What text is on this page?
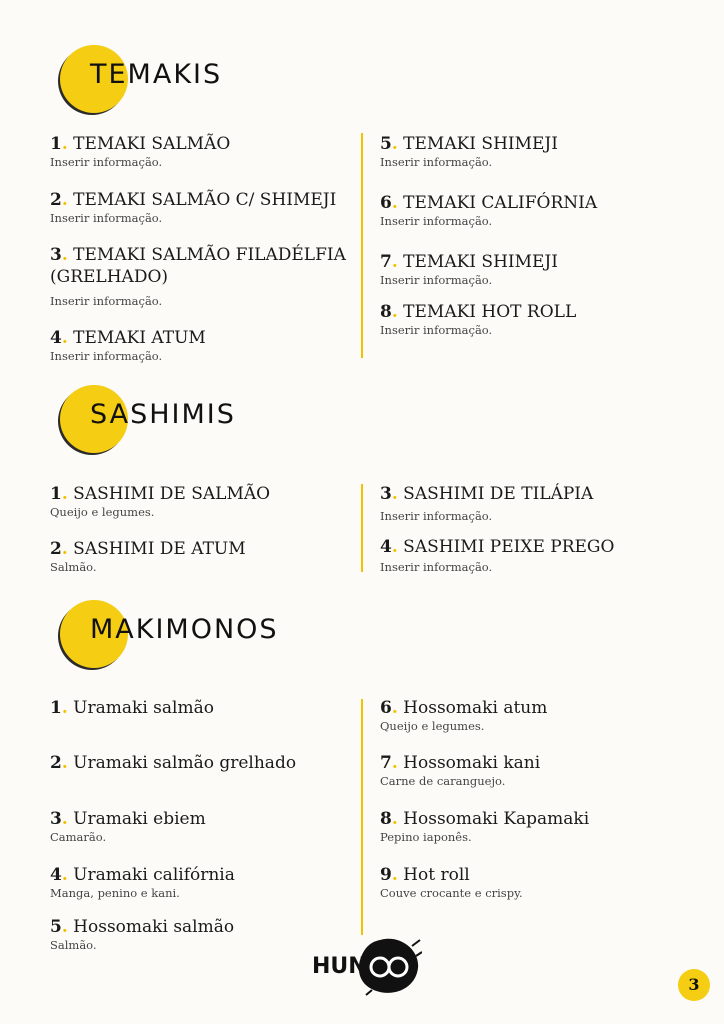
TEMAKIS

1. TEMAKI SALMÃO

Inserir informação.

2. TEMAKI SALMÃO C/ SHIMEJI

Inserir informação.

3. TEMAKI SALMÃO FILADÉLFIA (GRELHADO)

Inserir informação.

4. TEMAKI ATUM

Inserir informação.

5. TEMAKI SHIMEJI

Inserir informação.

6. TEMAKI CALIFÓRNIA

Inserir informação.

7. TEMAKI SHIMEJI

Inserir informação.

8. TEMAKI HOT ROLL

Inserir informação.

SASHIMIS

1. SASHIMI DE SALMÃO

Queijo e legumes.

2. SASHIMI DE ATUM

Salmão.

3. SASHIMI DE TILÁPIA

Inserir informação.

4. SASHIMI PEIXE PREGO

Inserir informação.

MAKIMONOS

1. Uramaki salmão

2. Uramaki salmão grelhado

3. Uramaki ebiem

Camarão.

4. Uramaki califórnia

Manga, penino e kani.

5. Hossomaki salmão

Salmão.

6. Hossomaki atum

Queijo e legumes.

7. Hossomaki kani

Carne de caranguejo.

8. Hossomaki Kapamaki

Pepino iaponês.

9. Hot roll

Couve crocante e crispy.

HUN
3
